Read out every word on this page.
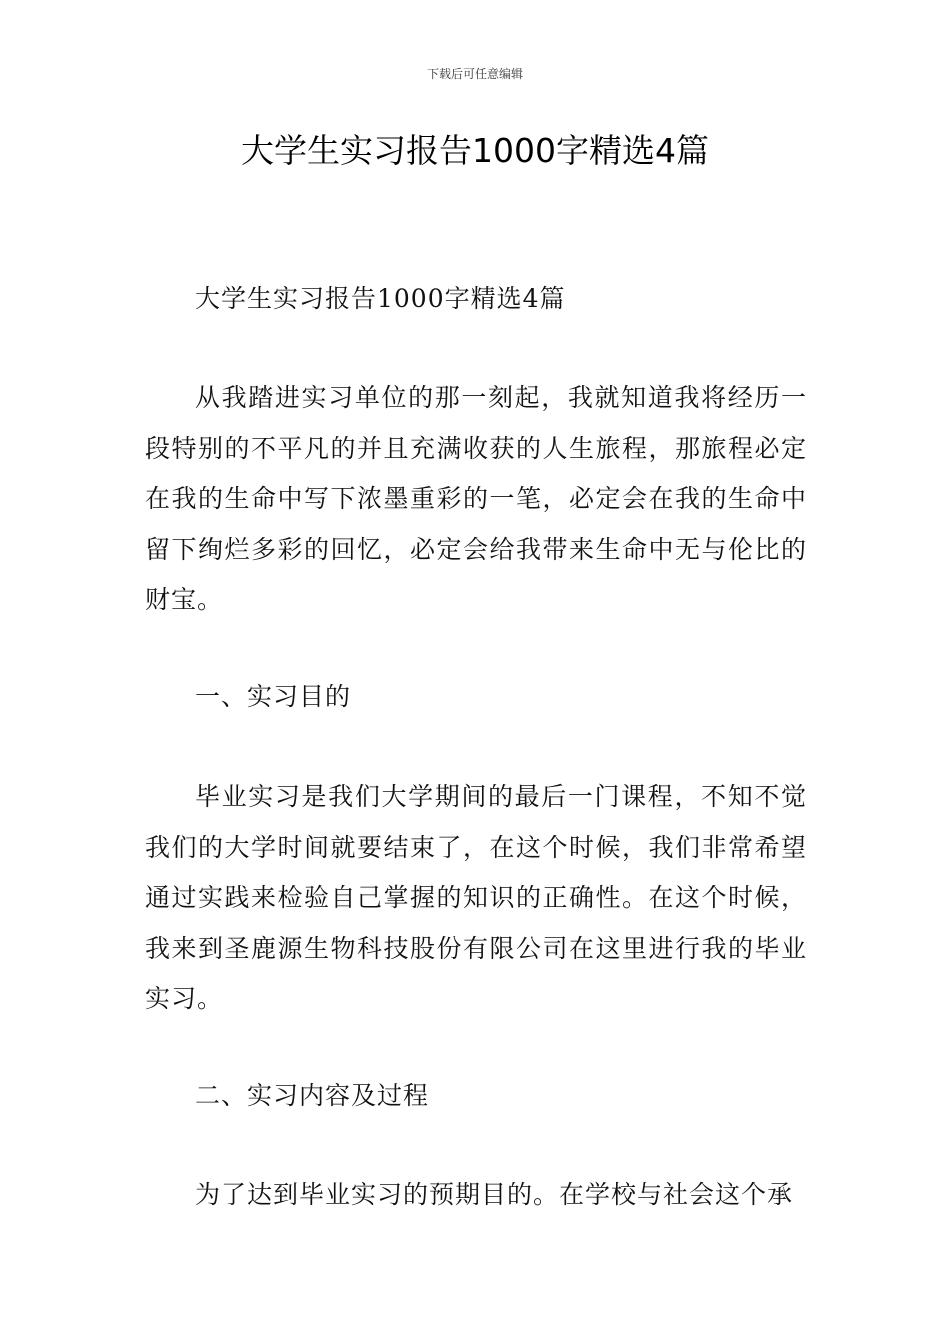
下载后可任意编辑
大学生实习报告1000字精选4篇

大学生实习报告1000字精选4篇

从我踏进实习单位的那一刻起，我就知道我将经历一段特别的不平凡的并且充满收获的人生旅程，那旅程必定在我的生命中写下浓墨重彩的一笔，必定会在我的生命中留下绚烂多彩的回忆，必定会给我带来生命中无与伦比的财宝。

一、实习目的

毕业实习是我们大学期间的最后一门课程，不知不觉我们的大学时间就要结束了，在这个时候，我们非常希望通过实践来检验自己掌握的知识的正确性。在这个时候，我来到圣鹿源生物科技股份有限公司在这里进行我的毕业实习。

二、实习内容及过程

为了达到毕业实习的预期目的。在学校与社会这个承
